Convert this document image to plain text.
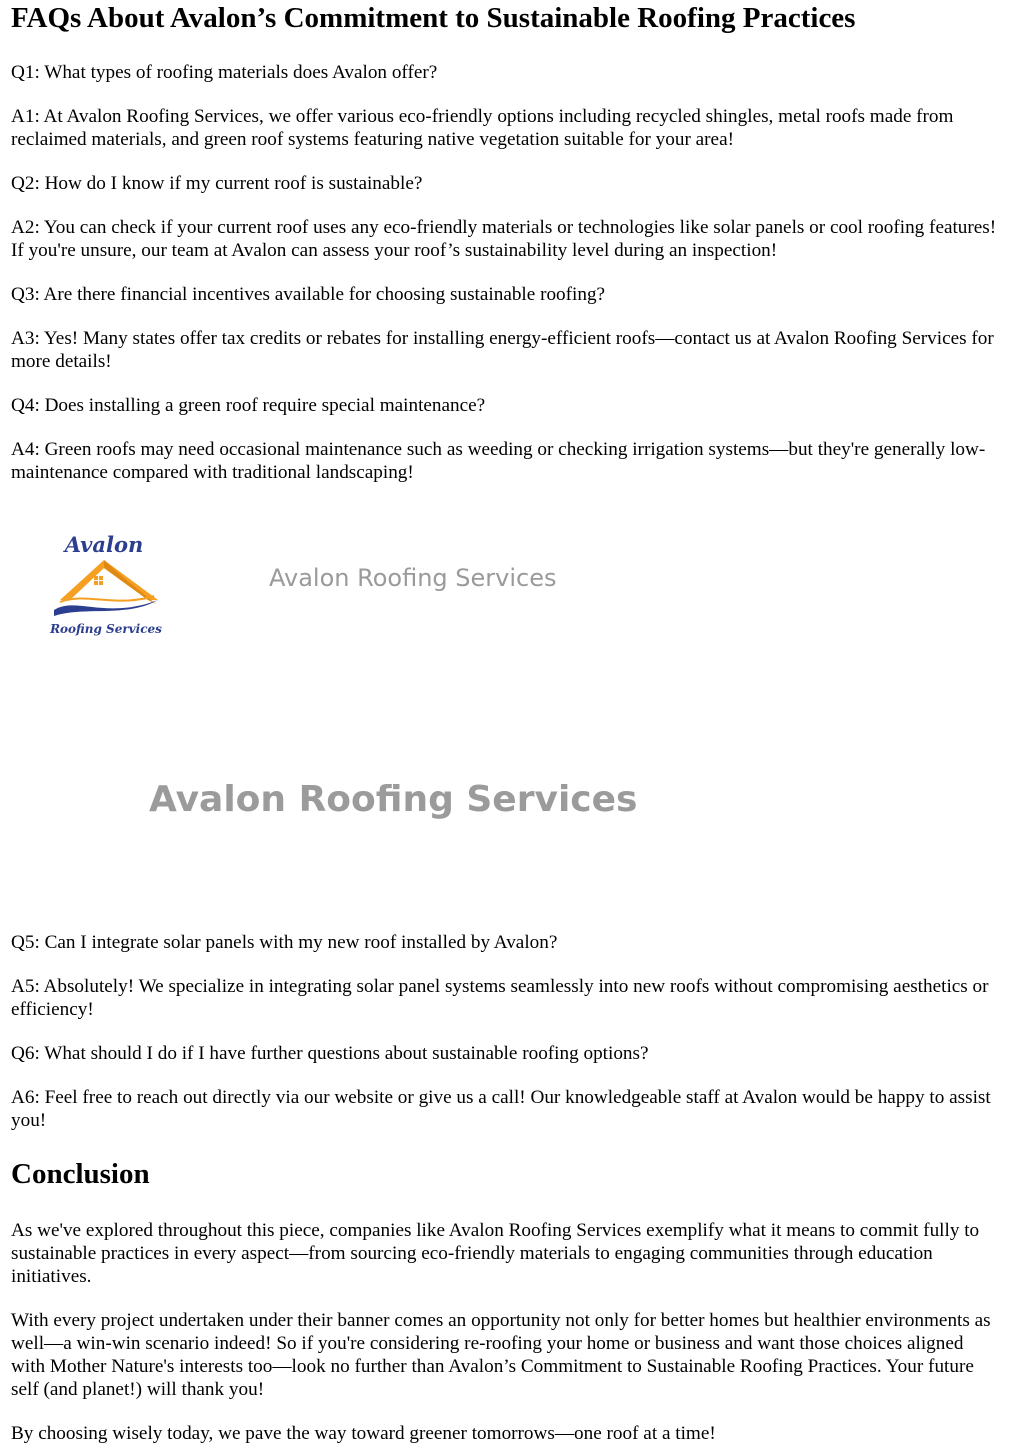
FAQs About Avalon’s Commitment to Sustainable Roofing Practices

Q1: What types of roofing materials does Avalon offer?

A1: At Avalon Roofing Services, we offer various eco-friendly options including recycled shingles, metal roofs made from reclaimed materials, and green roof systems featuring native vegetation suitable for your area!

Q2: How do I know if my current roof is sustainable?

A2: You can check if your current roof uses any eco-friendly materials or technologies like solar panels or cool roofing features! If you're unsure, our team at Avalon can assess your roof’s sustainability level during an inspection!

Q3: Are there financial incentives available for choosing sustainable roofing?

A3: Yes! Many states offer tax credits or rebates for installing energy-efficient roofs—contact us at Avalon Roofing Services for more details!

Q4: Does installing a green roof require special maintenance?

A4: Green roofs may need occasional maintenance such as weeding or checking irrigation systems—but they're generally low-maintenance compared with traditional landscaping!

Avalon
Roofing Services
Avalon Roofing Services
Avalon Roofing Services

Q5: Can I integrate solar panels with my new roof installed by Avalon?

A5: Absolutely! We specialize in integrating solar panel systems seamlessly into new roofs without compromising aesthetics or efficiency!

Q6: What should I do if I have further questions about sustainable roofing options?

A6: Feel free to reach out directly via our website or give us a call! Our knowledgeable staff at Avalon would be happy to assist you!

Conclusion

As we've explored throughout this piece, companies like Avalon Roofing Services exemplify what it means to commit fully to sustainable practices in every aspect—from sourcing eco-friendly materials to engaging communities through education initiatives.

With every project undertaken under their banner comes an opportunity not only for better homes but healthier environments as well—a win-win scenario indeed! So if you're considering re-roofing your home or business and want those choices aligned with Mother Nature's interests too—look no further than Avalon’s Commitment to Sustainable Roofing Practices. Your future self (and planet!) will thank you!

By choosing wisely today, we pave the way toward greener tomorrows—one roof at a time!
